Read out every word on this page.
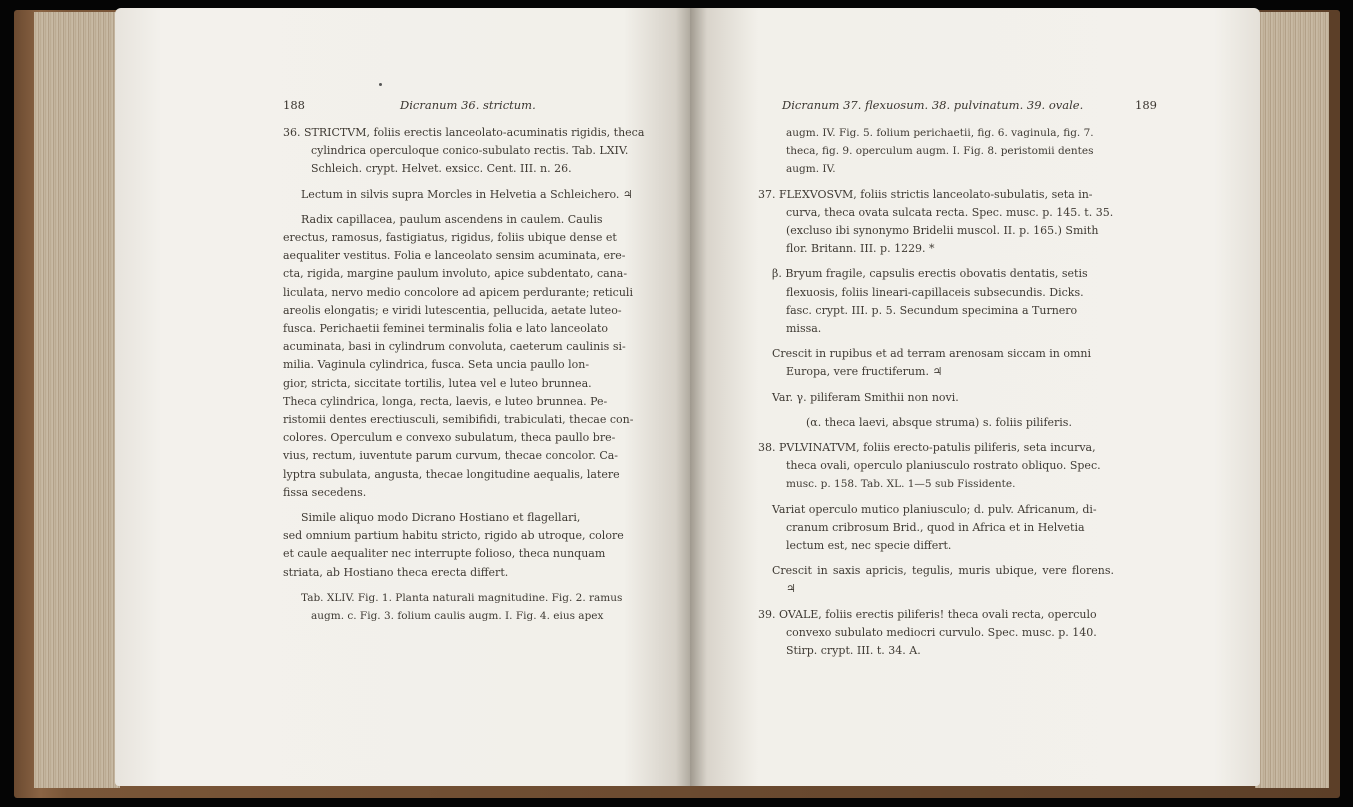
188	Dicranum 36. strictum.

36. STRICTVM, foliis erectis lanceolato-acuminatis rigidis, theca

cylindrica operculoque conico-subulato rectis. Tab. LXIV.

Schleich. crypt. Helvet. exsicc. Cent. III. n. 26.

Lectum in silvis supra Morcles in Helvetia a Schleichero. ♃

Radix capillacea, paulum ascendens in caulem. Caulis

erectus, ramosus, fastigiatus, rigidus, foliis ubique dense et

aequaliter vestitus. Folia e lanceolato sensim acuminata, ere-

cta, rigida, margine paulum involuto, apice subdentato, cana-

liculata, nervo medio concolore ad apicem perdurante; reticuli

areolis elongatis; e viridi lutescentia, pellucida, aetate luteo-

fusca. Perichaetii feminei terminalis folia e lato lanceolato

acuminata, basi in cylindrum convoluta, caeterum caulinis si-

milia. Vaginula cylindrica, fusca. Seta uncia paullo lon-

gior, stricta, siccitate tortilis, lutea vel e luteo brunnea.

Theca cylindrica, longa, recta, laevis, e luteo brunnea. Pe-

ristomii dentes erectiusculi, semibifidi, trabiculati, thecae con-

colores. Operculum e convexo subulatum, theca paullo bre-

vius, rectum, iuventute parum curvum, thecae concolor. Ca-

lyptra subulata, angusta, thecae longitudine aequalis, latere

fissa secedens.

Simile aliquo modo Dicrano Hostiano et flagellari,

sed omnium partium habitu stricto, rigido ab utroque, colore

et caule aequaliter nec interrupte folioso, theca nunquam

striata, ab Hostiano theca erecta differt.

Tab. XLIV. Fig. 1. Planta naturali magnitudine. Fig. 2. ramus

augm. c. Fig. 3. folium caulis augm. I. Fig. 4. eius apex

Dicranum 37. flexuosum. 38. pulvinatum. 39. ovale.	189

augm. IV. Fig. 5. folium perichaetii, fig. 6. vaginula, fig. 7.

theca, fig. 9. operculum augm. I. Fig. 8. peristomii dentes

augm. IV.

37. FLEXVOSVM, foliis strictis lanceolato-subulatis, seta in-

curva, theca ovata sulcata recta. Spec. musc. p. 145. t. 35.

(excluso ibi synonymo Bridelii muscol. II. p. 165.) Smith

flor. Britann. III. p. 1229. *

β. Bryum fragile, capsulis erectis obovatis dentatis, setis

flexuosis, foliis lineari-capillaceis subsecundis. Dicks.

fasc. crypt. III. p. 5. Secundum specimina a Turnero

missa.

Crescit in rupibus et ad terram arenosam siccam in omni

Europa, vere fructiferum. ♃

Var. γ. piliferam Smithii non novi.

(α. theca laevi, absque struma) s. foliis piliferis.

38. PVLVINATVM, foliis erecto-patulis piliferis, seta incurva,

theca ovali, operculo planiusculo rostrato obliquo. Spec.

musc. p. 158. Tab. XL. 1—5 sub Fissidente.

Variat operculo mutico planiusculo; d. pulv. Africanum, di-

cranum cribrosum Brid., quod in Africa et in Helvetia

lectum est, nec specie differt.

Crescit in saxis apricis, tegulis, muris ubique, vere florens. ♃

39. OVALE, foliis erectis piliferis! theca ovali recta, operculo

convexo subulato mediocri curvulo. Spec. musc. p. 140.

Stirp. crypt. III. t. 34. A.
